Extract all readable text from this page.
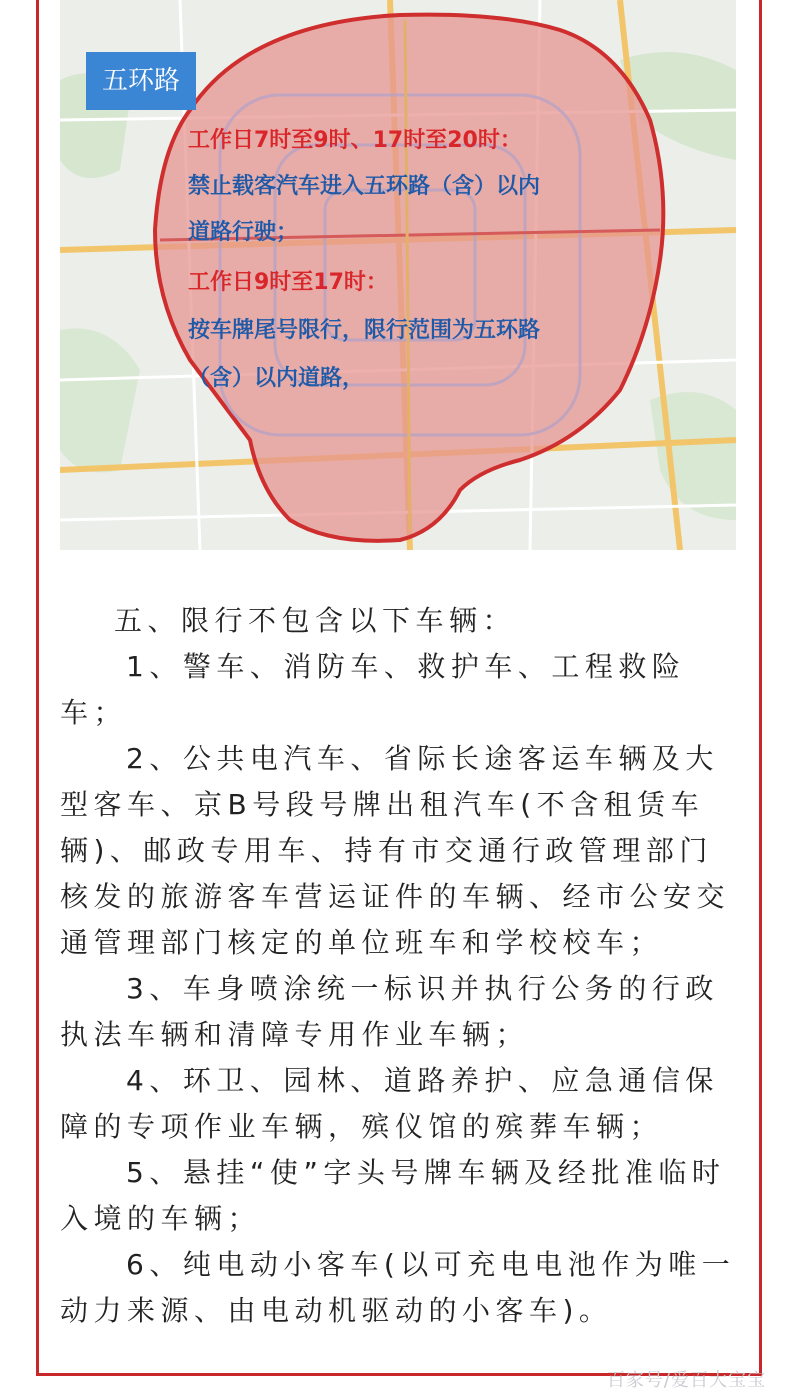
五环路
工作日7时至9时、17时至20时：
禁止载客汽车进入五环路（含）以内
道路行驶；
工作日9时至17时：
按车牌尾号限行，限行范围为五环路
（含）以内道路，

五、限行不包含以下车辆：

1、警车、消防车、救护车、工程救险车；

2、公共电汽车、省际长途客运车辆及大型客车、京B号段号牌出租汽车(不含租赁车辆)、邮政专用车、持有市交通行政管理部门核发的旅游客车营运证件的车辆、经市公安交通管理部门核定的单位班车和学校校车；

3、车身喷涂统一标识并执行公务的行政执法车辆和清障专用作业车辆；

4、环卫、园林、道路养护、应急通信保障的专项作业车辆，殡仪馆的殡葬车辆；

5、悬挂“使”字头号牌车辆及经批准临时入境的车辆；

6、纯电动小客车(以可充电电池作为唯一动力来源、由电动机驱动的小客车)。

百家号/爱百大宝宝
